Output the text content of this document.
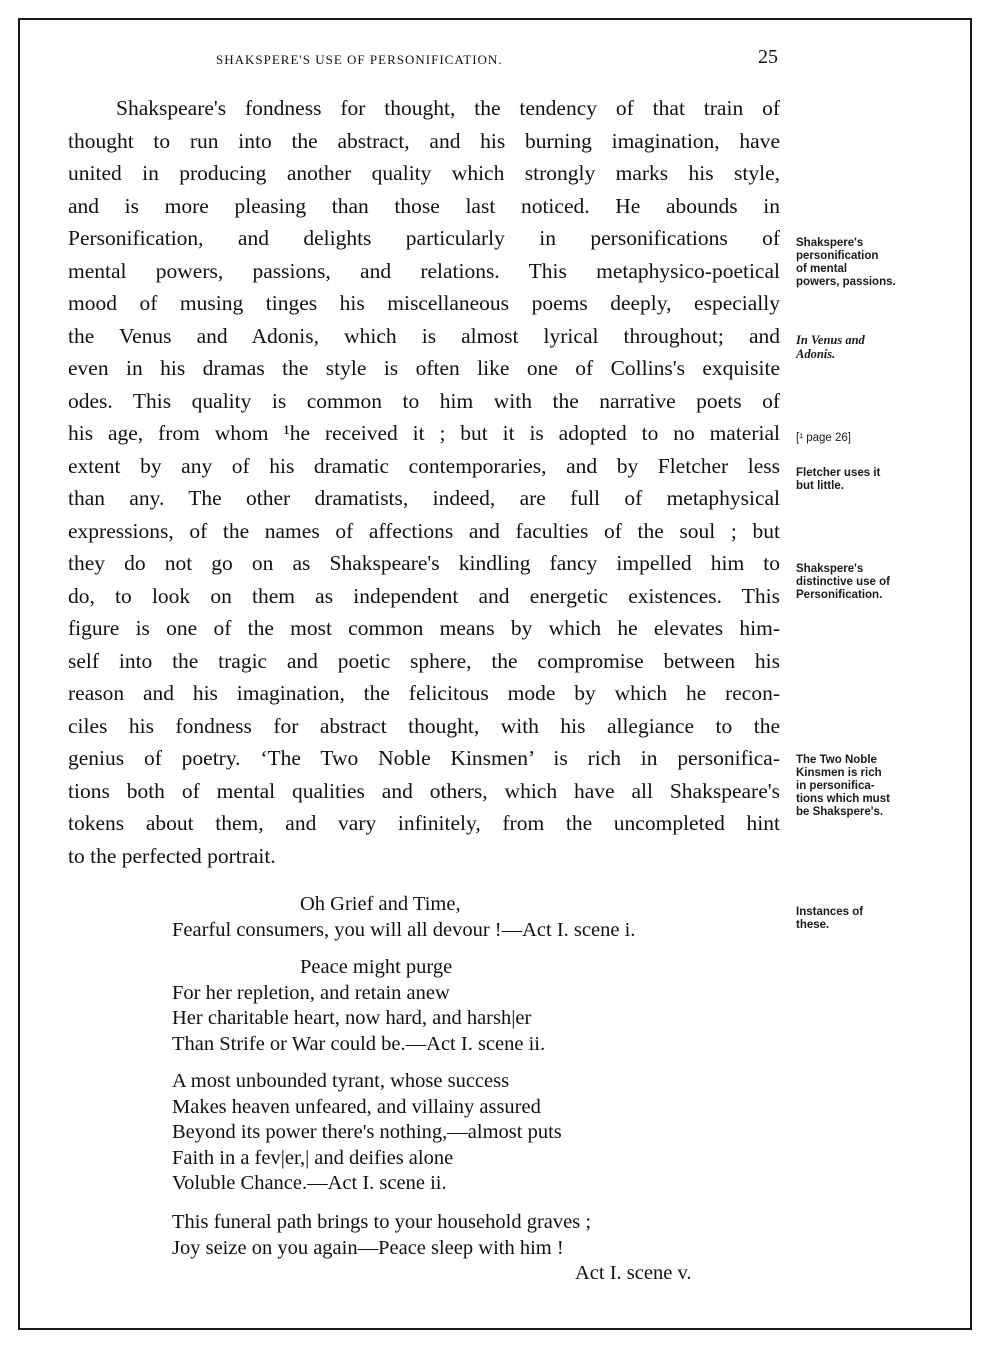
SHAKSPERE'S USE OF PERSONIFICATION.	25
Shakspeare's fondness for thought, the tendency of that train of
thought to run into the abstract, and his burning imagination, have
united in producing another quality which strongly marks his style,
and is more pleasing than those last noticed. He abounds in
Personification, and delights particularly in personifications of
mental powers, passions, and relations. This metaphysico-poetical
mood of musing tinges his miscellaneous poems deeply, especially
the Venus and Adonis, which is almost lyrical throughout; and
even in his dramas the style is often like one of Collins's exquisite
odes. This quality is common to him with the narrative poets of
his age, from whom ¹he received it ; but it is adopted to no material
extent by any of his dramatic contemporaries, and by Fletcher less
than any. The other dramatists, indeed, are full of metaphysical
expressions, of the names of affections and faculties of the soul ; but
they do not go on as Shakspeare's kindling fancy impelled him to
do, to look on them as independent and energetic existences. This
figure is one of the most common means by which he elevates him-
self into the tragic and poetic sphere, the compromise between his
reason and his imagination, the felicitous mode by which he recon-
ciles his fondness for abstract thought, with his allegiance to the
genius of poetry. ‘The Two Noble Kinsmen’ is rich in personifica-
tions both of mental qualities and others, which have all Shakspeare's
tokens about them, and vary infinitely, from the uncompleted hint
to the perfected portrait.
Shakspere's
personification
of mental
powers, passions.
In Venus and
Adonis.
[¹ page 26]
Fletcher uses it
but little.
Shakspere's
distinctive use of
Personification.
The Two Noble
Kinsmen is rich
in personifica-
tions which must
be Shakspere's.
Instances of
these.
Oh Grief and Time,
Fearful consumers, you will all devour !—Act I. scene i.
Peace might purge
For her repletion, and retain anew
Her charitable heart, now hard, and harsh|er
Than Strife or War could be.—Act I. scene ii.
A most unbounded tyrant, whose success
Makes heaven unfeared, and villainy assured
Beyond its power there's nothing,—almost puts
Faith in a fev|er,| and deifies alone
Voluble Chance.—Act I. scene ii.
This funeral path brings to your household graves ;
Joy seize on you again—Peace sleep with him !
Act I. scene v.
